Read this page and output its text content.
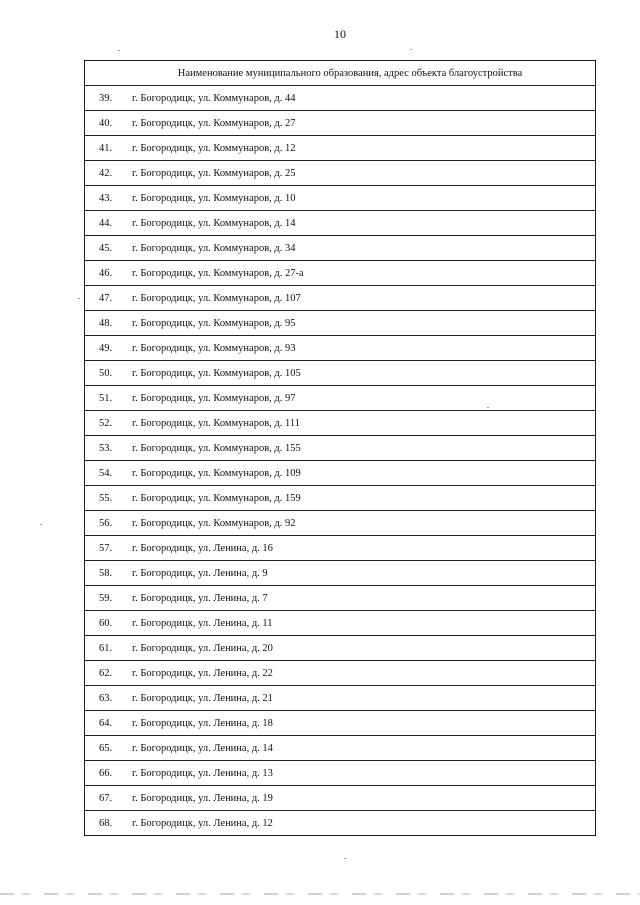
10
Наименование муниципального образования, адрес объекта благоустройства

39.	г. Богородицк, ул. Коммунаров, д. 44

40.	г. Богородицк, ул. Коммунаров, д. 27

41.	г. Богородицк, ул. Коммунаров, д. 12

42.	г. Богородицк, ул. Коммунаров, д. 25

43.	г. Богородицк, ул. Коммунаров, д. 10

44.	г. Богородицк, ул. Коммунаров, д. 14

45.	г. Богородицк, ул. Коммунаров, д. 34

46.	г. Богородицк, ул. Коммунаров, д. 27-а

47.	г. Богородицк, ул. Коммунаров, д. 107

48.	г. Богородицк, ул. Коммунаров, д. 95

49.	г. Богородицк, ул. Коммунаров, д. 93

50.	г. Богородицк, ул. Коммунаров, д. 105

51.	г. Богородицк, ул. Коммунаров, д. 97

52.	г. Богородицк, ул. Коммунаров, д. 111

53.	г. Богородицк, ул. Коммунаров, д. 155

54.	г. Богородицк, ул. Коммунаров, д. 109

55.	г. Богородицк, ул. Коммунаров, д. 159

56.	г. Богородицк, ул. Коммунаров, д. 92

57.	г. Богородицк, ул. Ленина, д. 16

58.	г. Богородицк, ул. Ленина, д. 9

59.	г. Богородицк, ул. Ленина, д. 7

60.	г. Богородицк, ул. Ленина, д. 11

61.	г. Богородицк, ул. Ленина, д. 20

62.	г. Богородицк, ул. Ленина, д. 22

63.	г. Богородицк, ул. Ленина, д. 21

64.	г. Богородицк, ул. Ленина, д. 18

65.	г. Богородицк, ул. Ленина, д. 14

66.	г. Богородицк, ул. Ленина, д. 13

67.	г. Богородицк, ул. Ленина, д. 19

68.	г. Богородицк, ул. Ленина, д. 12
